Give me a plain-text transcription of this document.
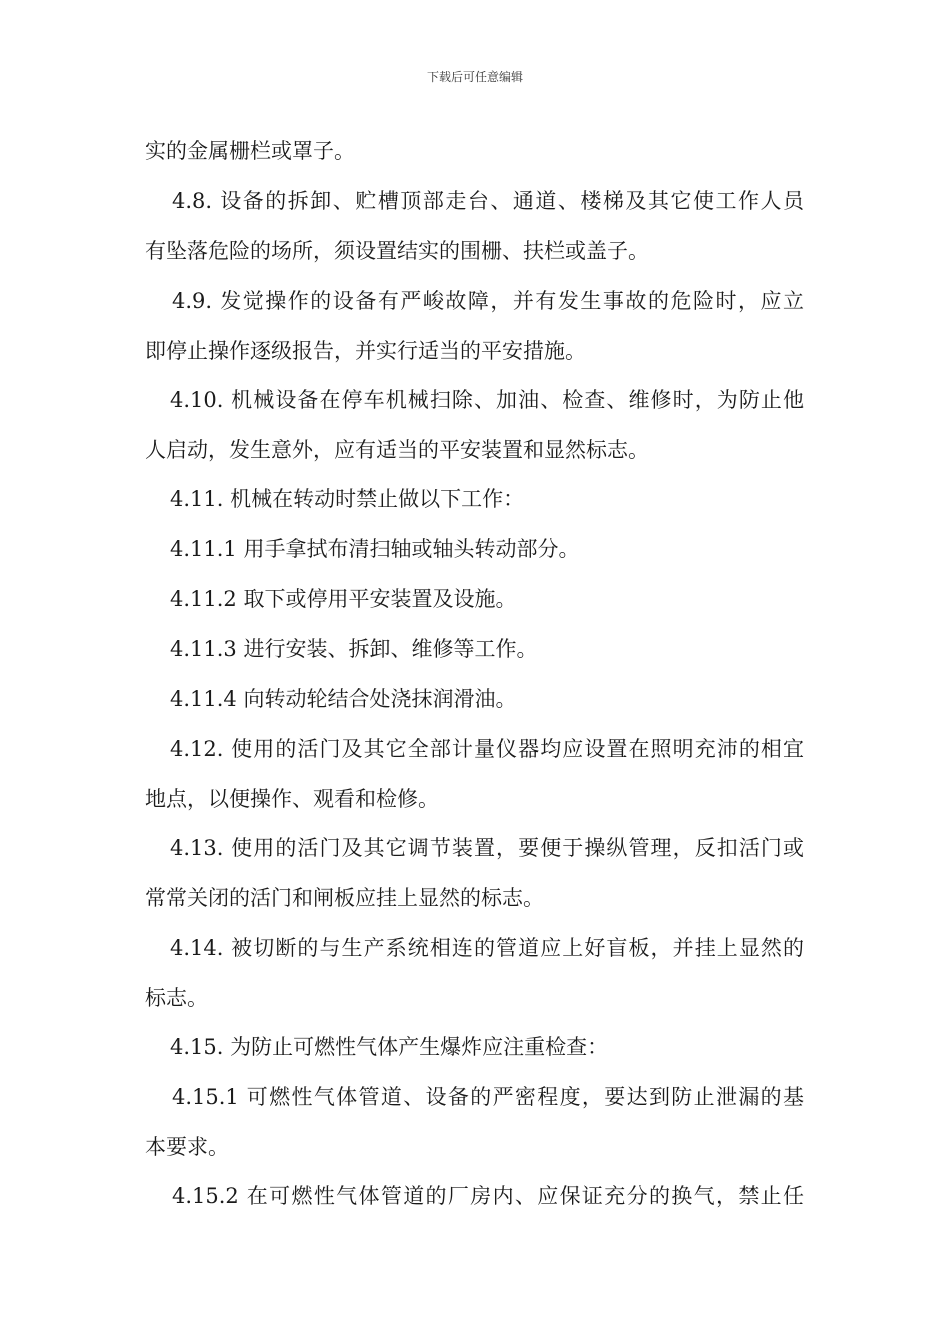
下载后可任意编辑
实的金属栅栏或罩子。
4.8. 设备的拆卸、贮槽顶部走台、通道、楼梯及其它使工作人员
有坠落危险的场所，须设置结实的围栅、扶栏或盖子。
4.9. 发觉操作的设备有严峻故障，并有发生事故的危险时，应立
即停止操作逐级报告，并实行适当的平安措施。
4.10. 机械设备在停车机械扫除、加油、检查、维修时，为防止他
人启动，发生意外，应有适当的平安装置和显然标志。
4.11. 机械在转动时禁止做以下工作：
4.11.1 用手拿拭布清扫轴或轴头转动部分。
4.11.2 取下或停用平安装置及设施。
4.11.3 进行安装、拆卸、维修等工作。
4.11.4 向转动轮结合处浇抹润滑油。
4.12. 使用的活门及其它全部计量仪器均应设置在照明充沛的相宜
地点，以便操作、观看和检修。
4.13. 使用的活门及其它调节装置，要便于操纵管理，反扣活门或
常常关闭的活门和闸板应挂上显然的标志。
4.14. 被切断的与生产系统相连的管道应上好盲板，并挂上显然的
标志。
4.15. 为防止可燃性气体产生爆炸应注重检查：
4.15.1 可燃性气体管道、设备的严密程度，要达到防止泄漏的基
本要求。
4.15.2 在可燃性气体管道的厂房内、应保证充分的换气，禁止任
